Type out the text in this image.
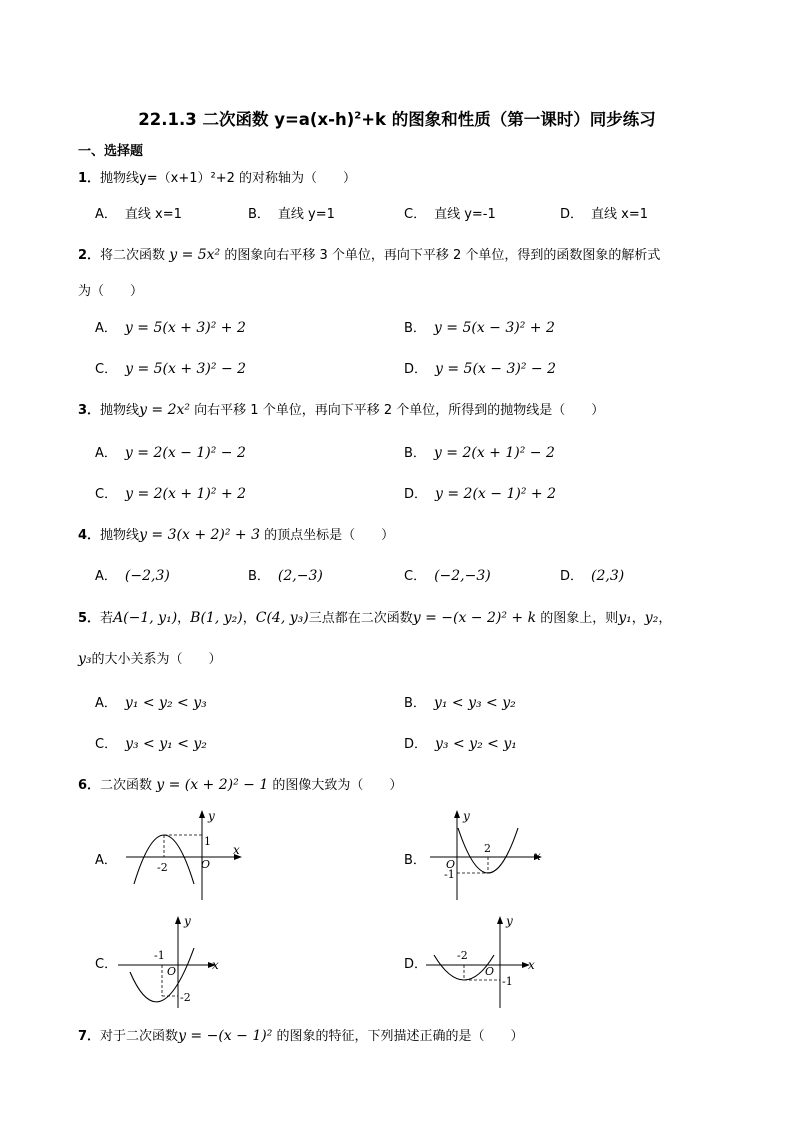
22.1.3 二次函数 $y=a(x-h)^2+k$ 的图象和性质（第一课时）同步练习
一、选择题
1．抛物线y=（x+1）²+2 的对称轴为（　　）
A． 直线 x=1	B． 直线 y=1	C． 直线 y=-1	D． 直线 x=1
2．将二次函数 y = 5x² 的图象向右平移 3 个单位，再向下平移 2 个单位，得到的函数图象的解析式
为（　　）
A． y = 5(x + 3)² + 2	B． y = 5(x − 3)² + 2
C． y = 5(x + 3)² − 2	D． y = 5(x − 3)² − 2
3．抛物线y = 2x² 向右平移 1 个单位，再向下平移 2 个单位，所得到的抛物线是（　　）
A． y = 2(x − 1)² − 2	B． y = 2(x + 1)² − 2
C． y = 2(x + 1)² + 2	D． y = 2(x − 1)² + 2
4．抛物线y = 3(x + 2)² + 3 的顶点坐标是（　　）
A． (−2,3)	B． (2,−3)	C． (−2,−3)	D． (2,3)
5．若A(−1, y₁)，B(1, y₂)，C(4, y₃)三点都在二次函数y = −(x − 2)² + k 的图象上，则y₁，y₂，
y₃的大小关系为（　　）
A． y₁ < y₂ < y₃	B． y₁ < y₃ < y₂
C． y₃ < y₁ < y₂	D． y₃ < y₂ < y₁
6．二次函数 y = (x + 2)² − 1 的图像大致为（　　）
A．
y
x
1
-2	O	B．
y
x
2
-1
O
C．
y
x
-1
-2
O	D．
y
x
-2
-1
O
7．对于二次函数y = −(x − 1)² 的图象的特征，下列描述正确的是（　　）
